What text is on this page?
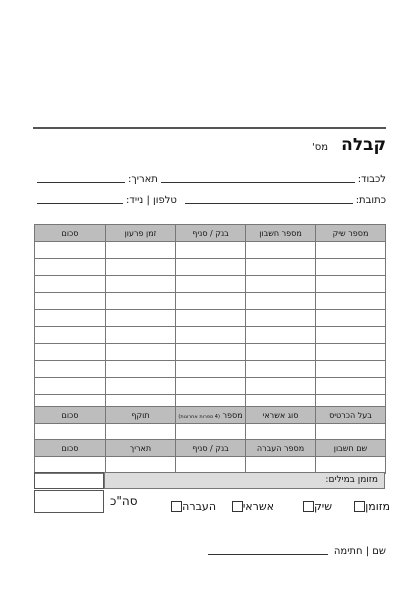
קבלה מס'
לכבוד:
תאריך:
כתובת:
טלפון | נייד:
מספר שיק	מספר חשבון	בנק / סניף	זמן פרעון	סכום

בעל הכרטיס	סוג אשראי	מספר (4 ספרות אחרונות)	תוקף	סכום

שם חשבון	מספר העברה	בנק / סניף	תאריך	סכום

מזומן במילים:
סה"כ	מזומן
שיק
אשראי
העברה
שם | חתימה
